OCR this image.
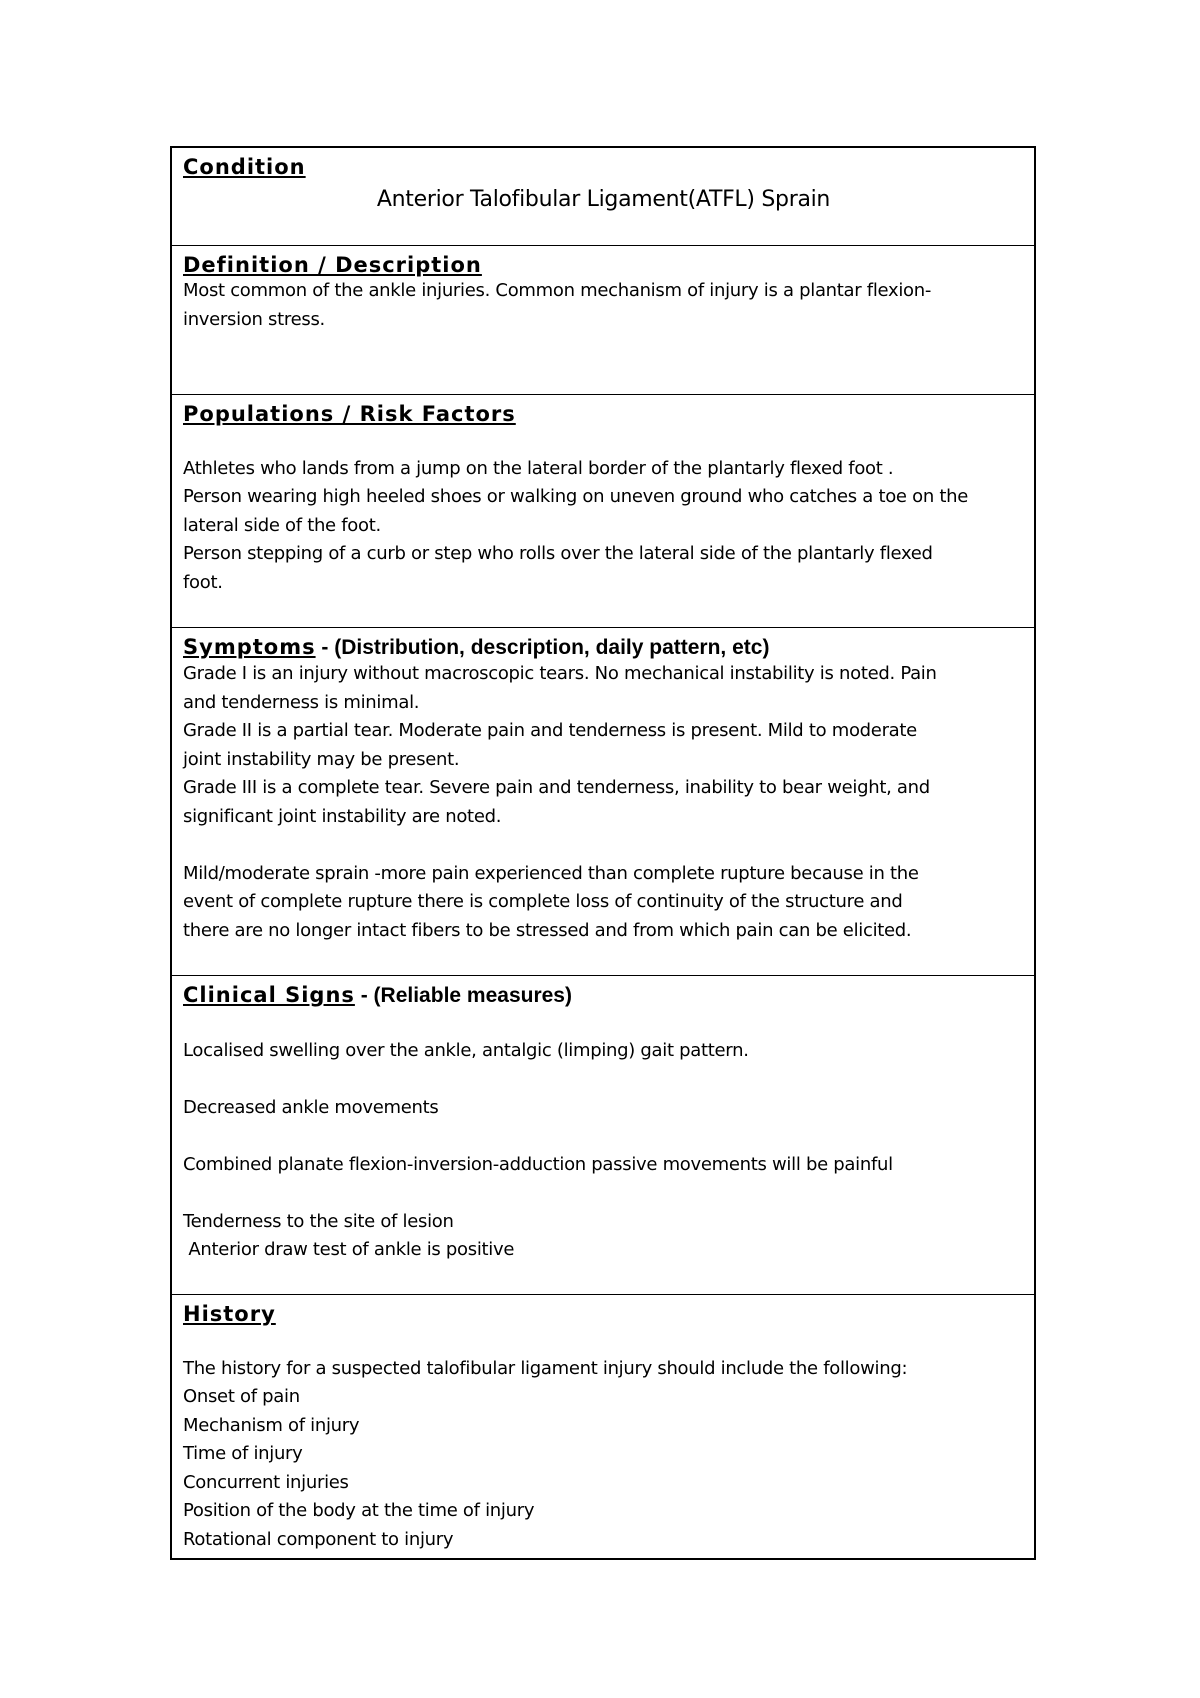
Condition
Anterior Talofibular Ligament(ATFL) Sprain
Definition / Description
Most common of the ankle injuries. Common mechanism of injury is a plantar flexion-
inversion stress.
Populations / Risk Factors
Athletes who lands from a jump on the lateral border of the plantarly flexed foot .
Person wearing high heeled shoes or walking on uneven ground who catches a toe on the
lateral side of the foot.
Person stepping of a curb or step who rolls over the lateral side of the plantarly flexed
foot.
Symptoms - (Distribution, description, daily pattern, etc)
Grade I is an injury without macroscopic tears. No mechanical instability is noted. Pain
and tenderness is minimal.
Grade II is a partial tear. Moderate pain and tenderness is present. Mild to moderate
joint instability may be present.
Grade III is a complete tear. Severe pain and tenderness, inability to bear weight, and
significant joint instability are noted.
Mild/moderate sprain -more pain experienced than complete rupture because in the
event of complete rupture there is complete loss of continuity of the structure and
there are no longer intact fibers to be stressed and from which pain can be elicited.
Clinical Signs - (Reliable measures)
Localised swelling over the ankle, antalgic (limping) gait pattern.
Decreased ankle movements
Combined planate flexion-inversion-adduction passive movements will be painful
Tenderness to the site of lesion
Anterior draw test of ankle is positive
History
The history for a suspected talofibular ligament injury should include the following:
Onset of pain
Mechanism of injury
Time of injury
Concurrent injuries
Position of the body at the time of injury
Rotational component to injury
